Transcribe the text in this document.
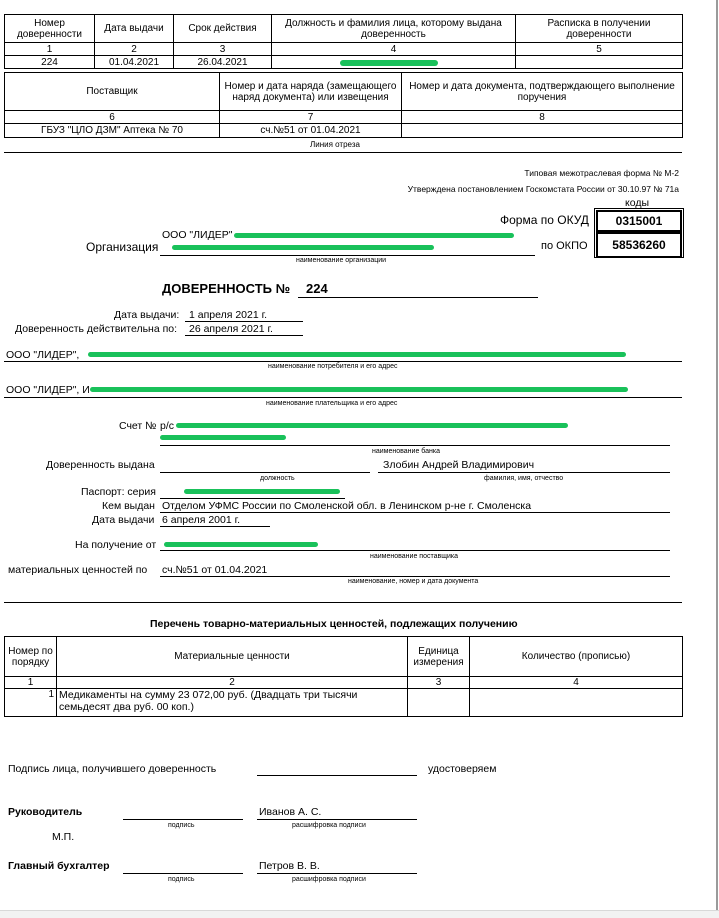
Номер доверенности	Дата выдачи	Срок действия	Должность и фамилия лица, которому выдана доверенность	Расписка в получении доверенности
1	2	3	4	5
224	01.04.2021	26.04.2021		
Поставщик	Номер и дата наряда (замещающего наряд документа) или извещения	Номер и дата документа, подтверждающего выполнение поручения
6	7	8
ГБУЗ "ЦЛО ДЗМ" Аптека № 70	сч.№51 от 01.04.2021	
Линия отреза
Типовая межотраслевая форма № М-2
Утверждена постановлением Госкомстата России от 30.10.97 № 71а
коды
Форма по ОКУД	0315001
по ОКПО	58536260
Организация
ООО "ЛИДЕР"
наименование организации
ДОВЕРЕННОСТЬ № 224
Дата выдачи: 1 апреля 2021 г.
Доверенность действительна по: 26 апреля 2021 г.
ООО "ЛИДЕР",
наименование потребителя и его адрес
ООО "ЛИДЕР", И
наименование плательщика и его адрес
Счет № р/с
наименование банка
Доверенность выдана	Злобин Андрей Владимирович
должность	фамилия, имя, отчество
Паспорт: серия
Кем выдан Отделом УФМС России по Смоленской обл. в Ленинском р-не г. Смоленска
Дата выдачи 6 апреля 2001 г.
На получение от
наименование поставщика
материальных ценностей по сч.№51 от 01.04.2021
наименование, номер и дата документа
Перечень товарно-материальных ценностей, подлежащих получению
Номер по порядку	Материальные ценности	Единица измерения	Количество (прописью)
1	2	3	4
1	Медикаменты на сумму 23 072,00 руб. (Двадцать три тысячи семьдесят два руб. 00 коп.)		
Подпись лица, получившего доверенность	удостоверяем
Руководитель
подпись
Иванов А. С.
расшифровка подписи
М.П.
Главный бухгалтер
подпись
Петров В. В.
расшифровка подписи
